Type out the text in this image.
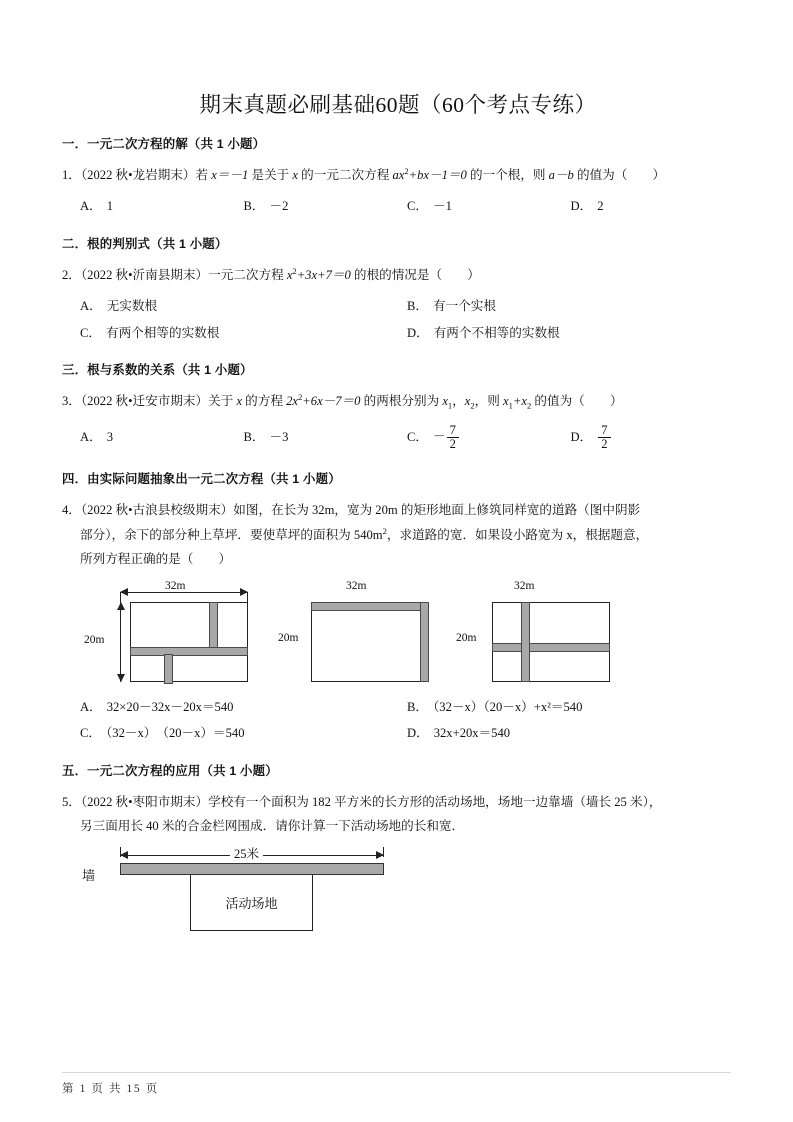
期末真题必刷基础60题（60个考点专练）
一．一元二次方程的解（共 1 小题）
1．（2022 秋•龙岩期末）若 x＝－1 是关于 x 的一元二次方程 $ax^2+bx-1=0$ 的一个根，则 a－b 的值为（　　）
A． 1	B． －2	C． －1	D． 2
二．根的判别式（共 1 小题）
2．（2022 秋•沂南县期末）一元二次方程 $x^2+3x+7=0$ 的根的情况是（　　）
A． 无实数根	B． 有一个实根
C． 有两个相等的实数根	D． 有两个不相等的实数根
三．根与系数的关系（共 1 小题）
3．（2022 秋•迁安市期末）关于 x 的方程 $2x^2+6x-7=0$ 的两根分别为 $x_1$，$x_2$，则 $x_1+x_2$ 的值为（　　）
A． 3	B． －3	C． － $\frac{7}{2}$	D． $\frac{7}{2}$
四．由实际问题抽象出一元二次方程（共 1 小题）
4．（2022 秋•古浪县校级期末）如图，在长为 32m，宽为 20m 的矩形地面上修筑同样宽的道路（图中阴影
部分），余下的部分种上草坪．要使草坪的面积为 $540m^2$，求道路的宽．如果设小路宽为 x，根据题意，
所列方程正确的是（　　）
32m
20m
32m
20m
32m
20m
A． 32×20－32x－20x＝540	B． （32－x）（20－x）+x²＝540
C． （32－x）　（20－x）＝540	D． 32x+20x＝540
五．一元二次方程的应用（共 1 小题）
5．（2022 秋•枣阳市期末）学校有一个面积为 182 平方米的长方形的活动场地，场地一边靠墙（墙长 25 米），
另三面用长 40 米的合金栏网围成．请你计算一下活动场地的长和宽．
墙
25米
活动场地
第 1 页 共 15 页
